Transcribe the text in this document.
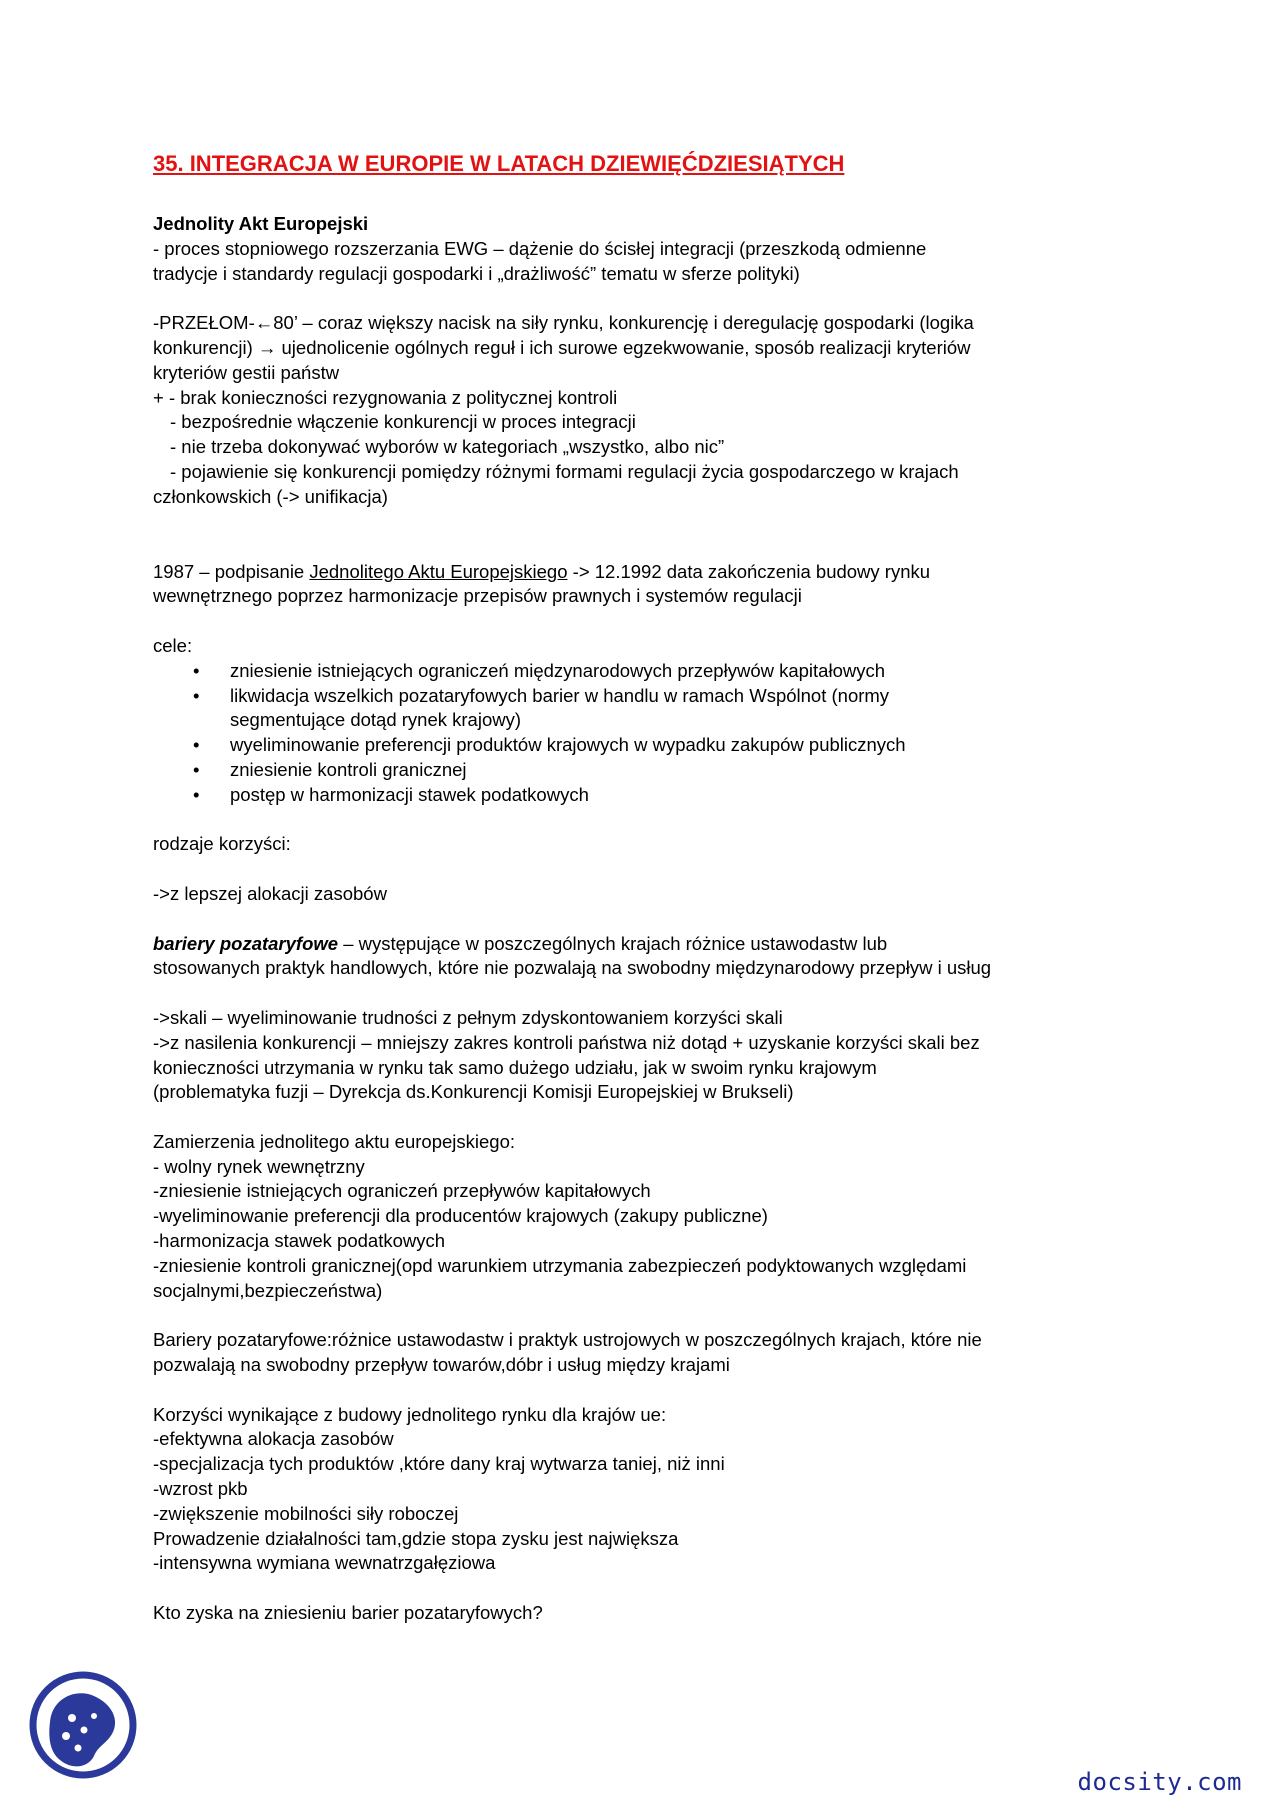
35. INTEGRACJA W EUROPIE W LATACH DZIEWIĘĆDZIESIĄTYCH

Jednolity Akt Europejski

- proces stopniowego rozszerzania EWG – dążenie do ścisłej integracji (przeszkodą odmienne

tradycje i standardy regulacji gospodarki i „drażliwość” tematu w sferze polityki)

-PRZEŁOM-←80’ – coraz większy nacisk na siły rynku, konkurencję i deregulację gospodarki (logika

konkurencji) → ujednolicenie ogólnych reguł i ich surowe egzekwowanie, sposób realizacji kryteriów

kryteriów gestii państw

+ - brak konieczności rezygnowania z politycznej kontroli

- bezpośrednie włączenie konkurencji w proces integracji

- nie trzeba dokonywać wyborów w kategoriach „wszystko, albo nic”

- pojawienie się konkurencji pomiędzy różnymi formami regulacji życia gospodarczego w krajach

członkowskich (-> unifikacja)

1987 – podpisanie Jednolitego Aktu Europejskiego -> 12.1992 data zakończenia budowy rynku

wewnętrznego poprzez harmonizacje przepisów prawnych i systemów regulacji

cele:

• zniesienie istniejących ograniczeń międzynarodowych przepływów kapitałowych
• likwidacja wszelkich pozataryfowych barier w handlu w ramach Wspólnot (normy
segmentujące dotąd rynek krajowy)
• wyeliminowanie preferencji produktów krajowych w wypadku zakupów publicznych
• zniesienie kontroli granicznej
• postęp w harmonizacji stawek podatkowych

rodzaje korzyści:

->z lepszej alokacji zasobów

bariery pozataryfowe – występujące w poszczególnych krajach różnice ustawodastw lub

stosowanych praktyk handlowych, które nie pozwalają na swobodny międzynarodowy przepływ i usług

->skali – wyeliminowanie trudności z pełnym zdyskontowaniem korzyści skali

->z nasilenia konkurencji – mniejszy zakres kontroli państwa niż dotąd + uzyskanie korzyści skali bez

konieczności utrzymania w rynku tak samo dużego udziału, jak w swoim rynku krajowym

(problematyka fuzji – Dyrekcja ds.Konkurencji Komisji Europejskiej w Brukseli)

Zamierzenia jednolitego aktu europejskiego:

- wolny rynek wewnętrzny

-zniesienie istniejących ograniczeń przepływów kapitałowych

-wyeliminowanie preferencji dla producentów krajowych (zakupy publiczne)

-harmonizacja stawek podatkowych

-zniesienie kontroli granicznej(opd warunkiem utrzymania zabezpieczeń podyktowanych względami

socjalnymi,bezpieczeństwa)

Bariery pozataryfowe:różnice ustawodastw i praktyk ustrojowych w poszczególnych krajach, które nie

pozwalają na swobodny przepływ towarów,dóbr i usług między krajami

Korzyści wynikające z budowy jednolitego rynku dla krajów ue:

-efektywna alokacja zasobów

-specjalizacja tych produktów ,które dany kraj wytwarza taniej, niż inni

-wzrost pkb

-zwiększenie mobilności siły roboczej

Prowadzenie działalności tam,gdzie stopa zysku jest największa

-intensywna wymiana wewnatrzgałęziowa

Kto zyska na zniesieniu barier pozataryfowych?

docsity.com
